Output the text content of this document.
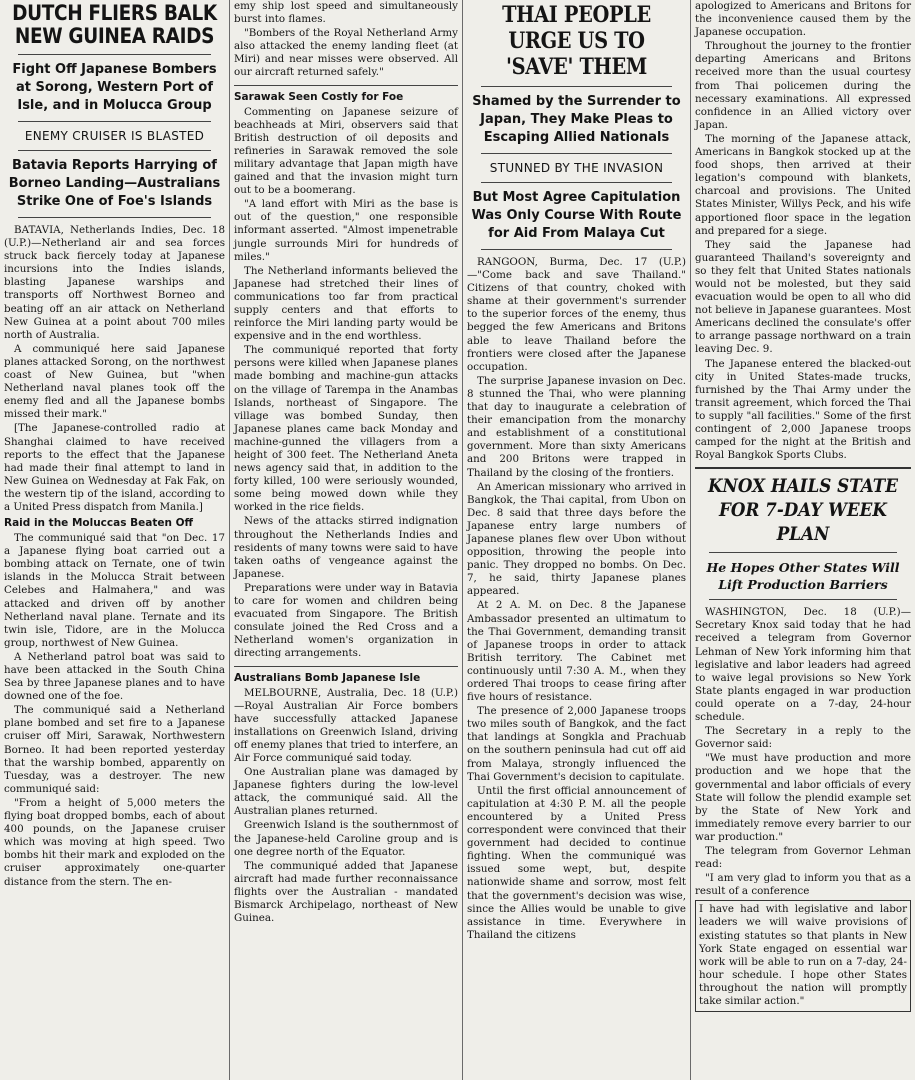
DUTCH FLIERS BALK NEW GUINEA RAIDS
Fight Off Japanese Bombers at Sorong, Western Port of Isle, and in Molucca Group
ENEMY CRUISER IS BLASTED
Batavia Reports Harrying of Borneo Landing—Australians Strike One of Foe's Islands

BATAVIA, Netherlands Indies, Dec. 18 (U.P.)—Netherland air and sea forces struck back fiercely today at Japanese incursions into the Indies islands, blasting Japanese warships and transports off Northwest Borneo and beating off an air attack on Netherland New Guinea at a point about 700 miles north of Australia.

A communiqué here said Japanese planes attacked Sorong, on the northwest coast of New Guinea, but "when Netherland naval planes took off the enemy fled and all the Japanese bombs missed their mark."

[The Japanese-controlled radio at Shanghai claimed to have received reports to the effect that the Japanese had made their final attempt to land in New Guinea on Wednesday at Fak Fak, on the western tip of the island, according to a United Press dispatch from Manila.]

Raid in the Moluccas Beaten Off

The communiqué said that "on Dec. 17 a Japanese flying boat carried out a bombing attack on Ternate, one of twin islands in the Molucca Strait between Celebes and Halmahera," and was attacked and driven off by another Netherland naval plane. Ternate and its twin isle, Tidore, are in the Molucca group, northwest of New Guinea.

A Netherland patrol boat was said to have been attacked in the South China Sea by three Japanese planes and to have downed one of the foe.

The communiqué said a Netherland plane bombed and set fire to a Japanese cruiser off Miri, Sarawak, Northwestern Borneo. It had been reported yesterday that the warship bombed, apparently on Tuesday, was a destroyer. The new communiqué said:

"From a height of 5,000 meters the flying boat dropped bombs, each of about 400 pounds, on the Japanese cruiser which was moving at high speed. Two bombs hit their mark and exploded on the cruiser approximately one-quarter distance from the stern. The en-

emy ship lost speed and simultaneously burst into flames.

"Bombers of the Royal Netherland Army also attacked the enemy landing fleet (at Miri) and near misses were observed. All our aircraft returned safely."

Sarawak Seen Costly for Foe

Commenting on Japanese seizure of beachheads at Miri, observers said that British destruction of oil deposits and refineries in Sarawak removed the sole military advantage that Japan migth have gained and that the invasion might turn out to be a boomerang.

"A land effort with Miri as the base is out of the question," one responsible informant asserted. "Almost impenetrable jungle surrounds Miri for hundreds of miles."

The Netherland informants believed the Japanese had stretched their lines of communications too far from practical supply centers and that efforts to reinforce the Miri landing party would be expensive and in the end worthless.

The communiqué reported that forty persons were killed when Japanese planes made bombing and machine-gun attacks on the village of Tarempa in the Anambas Islands, northeast of Singapore. The village was bombed Sunday, then Japanese planes came back Monday and machine-gunned the villagers from a height of 300 feet. The Netherland Aneta news agency said that, in addition to the forty killed, 100 were seriously wounded, some being mowed down while they worked in the rice fields.

News of the attacks stirred indignation throughout the Netherlands Indies and residents of many towns were said to have taken oaths of vengeance against the Japanese.

Preparations were under way in Batavia to care for women and children being evacuated from Singapore. The British consulate joined the Red Cross and a Netherland women's organization in directing arrangements.

Australians Bomb Japanese Isle

MELBOURNE, Australia, Dec. 18 (U.P.)—Royal Australian Air Force bombers have successfully attacked Japanese installations on Greenwich Island, driving off enemy planes that tried to interfere, an Air Force communiqué said today.

One Australian plane was damaged by Japanese fighters during the low-level attack, the communiqué said. All the Australian planes returned.

Greenwich Island is the southernmost of the Japanese-held Caroline group and is one degree north of the Equator.

The communiqué added that Japanese aircraft had made further reconnaissance flights over the Australian - mandated Bismarck Archipelago, northeast of New Guinea.

THAI PEOPLE URGE US TO 'SAVE' THEM
Shamed by the Surrender to Japan, They Make Pleas to Escaping Allied Nationals
STUNNED BY THE INVASION
But Most Agree Capitulation Was Only Course With Route for Aid From Malaya Cut

RANGOON, Burma, Dec. 17 (U.P.)—"Come back and save Thailand." Citizens of that country, choked with shame at their government's surrender to the superior forces of the enemy, thus begged the few Americans and Britons able to leave Thailand before the frontiers were closed after the Japanese occupation.

The surprise Japanese invasion on Dec. 8 stunned the Thai, who were planning that day to inaugurate a celebration of their emancipation from the monarchy and establishment of a constitutional government. More than sixty Americans and 200 Britons were trapped in Thailand by the closing of the frontiers.

An American missionary who arrived in Bangkok, the Thai capital, from Ubon on Dec. 8 said that three days before the Japanese entry large numbers of Japanese planes flew over Ubon without opposition, throwing the people into panic. They dropped no bombs. On Dec. 7, he said, thirty Japanese planes appeared.

At 2 A. M. on Dec. 8 the Japanese Ambassador presented an ultimatum to the Thai Government, demanding transit of Japanese troops in order to attack British territory. The Cabinet met continuously until 7:30 A. M., when they ordered Thai troops to cease firing after five hours of resistance.

The presence of 2,000 Japanese troops two miles south of Bangkok, and the fact that landings at Songkla and Prachuab on the southern peninsula had cut off aid from Malaya, strongly influenced the Thai Government's decision to capitulate.

Until the first official announcement of capitulation at 4:30 P. M. all the people encountered by a United Press correspondent were convinced that their government had decided to continue fighting. When the communiqué was issued some wept, but, despite nationwide shame and sorrow, most felt that the government's decision was wise, since the Allies would be unable to give assistance in time. Everywhere in Thailand the citizens

apologized to Americans and Britons for the inconvenience caused them by the Japanese occupation.

Throughout the journey to the frontier departing Americans and Britons received more than the usual courtesy from Thai policemen during the necessary examinations. All expressed confidence in an Allied victory over Japan.

The morning of the Japanese attack, Americans in Bangkok stocked up at the food shops, then arrived at their legation's compound with blankets, charcoal and provisions. The United States Minister, Willys Peck, and his wife apportioned floor space in the legation and prepared for a siege.

They said the Japanese had guaranteed Thailand's sovereignty and so they felt that United States nationals would not be molested, but they said evacuation would be open to all who did not believe in Japanese guarantees. Most Americans declined the consulate's offer to arrange passage northward on a train leaving Dec. 9.

The Japanese entered the blacked-out city in United States-made trucks, furnished by the Thai Army under the transit agreement, which forced the Thai to supply "all facilities." Some of the first contingent of 2,000 Japanese troops camped for the night at the British and Royal Bangkok Sports Clubs.

KNOX HAILS STATE FOR 7-DAY WEEK PLAN
He Hopes Other States Will Lift Production Barriers

WASHINGTON, Dec. 18 (U.P.)—Secretary Knox said today that he had received a telegram from Governor Lehman of New York informing him that legislative and labor leaders had agreed to waive legal provisions so New York State plants engaged in war production could operate on a 7-day, 24-hour schedule.

The Secretary in a reply to the Governor said:

"We must have production and more production and we hope that the governmental and labor officials of every State will follow the plendid example set by the State of New York and immediately remove every barrier to our war production."

The telegram from Governor Lehman read:

"I am very glad to inform you that as a result of a conference

I have had with legislative and labor leaders we will waive provisions of existing statutes so that plants in New York State engaged on essential war work will be able to run on a 7-day, 24-hour schedule. I hope other States throughout the nation will promptly take similar action."
